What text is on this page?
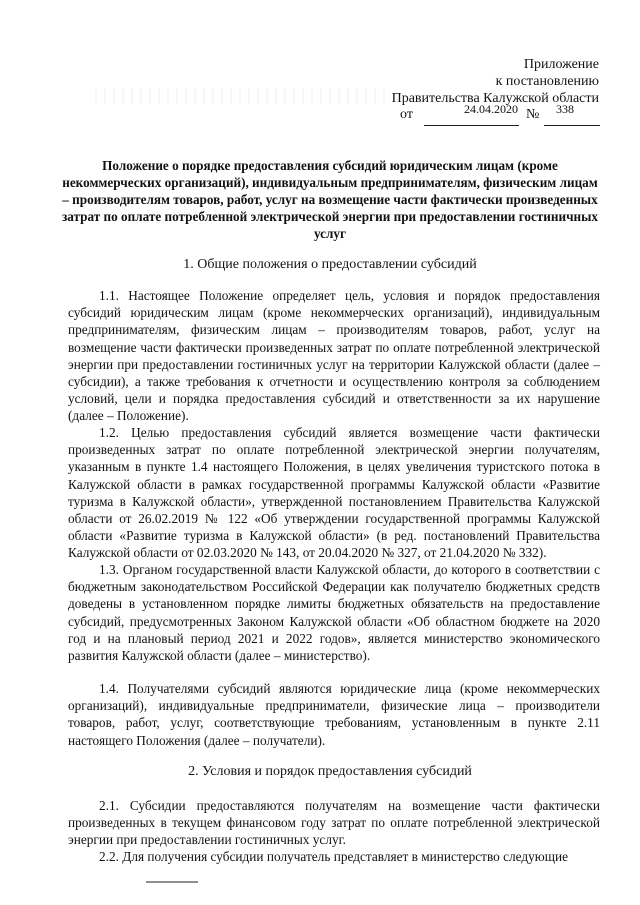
Приложение
к постановлению
Правительства Калужской области
от	24.04.2020 № 338
Положение о порядке предоставления субсидий юридическим лицам (кроме некоммерческих организаций), индивидуальным предпринимателям, физическим лицам – производителям товаров, работ, услуг на возмещение части фактически произведенных затрат по оплате потребленной электрической энергии при предоставлении гостиничных услуг
1. Общие положения о предоставлении субсидий

1.1. Настоящее Положение определяет цель, условия и порядок предоставления субсидий юридическим лицам (кроме некоммерческих организаций), индивидуальным предпринимателям, физическим лицам – производителям товаров, работ, услуг на возмещение части фактически произведенных затрат по оплате потребленной электрической энергии при предоставлении гостиничных услуг на территории Калужской области (далее – субсидии), а также требования к отчетности и осуществлению контроля за соблюдением условий, цели и порядка предоставления субсидий и ответственности за их нарушение (далее – Положение).

1.2. Целью предоставления субсидий является возмещение части фактически произведенных затрат по оплате потребленной электрической энергии получателям, указанным в пункте 1.4 настоящего Положения, в целях увеличения туристского потока в Калужской области в рамках государственной программы Калужской области «Развитие туризма в Калужской области», утвержденной постановлением Правительства Калужской области от 26.02.2019 № 122 «Об утверждении государственной программы Калужской области «Развитие туризма в Калужской области» (в ред. постановлений Правительства Калужской области от 02.03.2020 № 143, от 20.04.2020 № 327, от 21.04.2020 № 332).

1.3. Органом государственной власти Калужской области, до которого в соответствии с бюджетным законодательством Российской Федерации как получателю бюджетных средств доведены в установленном порядке лимиты бюджетных обязательств на предоставление субсидий, предусмотренных Законом Калужской области «Об областном бюджете на 2020 год и на плановый период 2021 и 2022 годов», является министерство экономического развития Калужской области (далее – министерство).

1.4. Получателями субсидий являются юридические лица (кроме некоммерческих организаций), индивидуальные предприниматели, физические лица – производители товаров, работ, услуг, соответствующие требованиям, установленным в пункте 2.11 настоящего Положения (далее – получатели).

2. Условия и порядок предоставления субсидий

2.1. Субсидии предоставляются получателям на возмещение части фактически произведенных в текущем финансовом году затрат по оплате потребленной электрической энергии при предоставлении гостиничных услуг.

2.2. Для получения субсидии получатель представляет в министерство следующие
